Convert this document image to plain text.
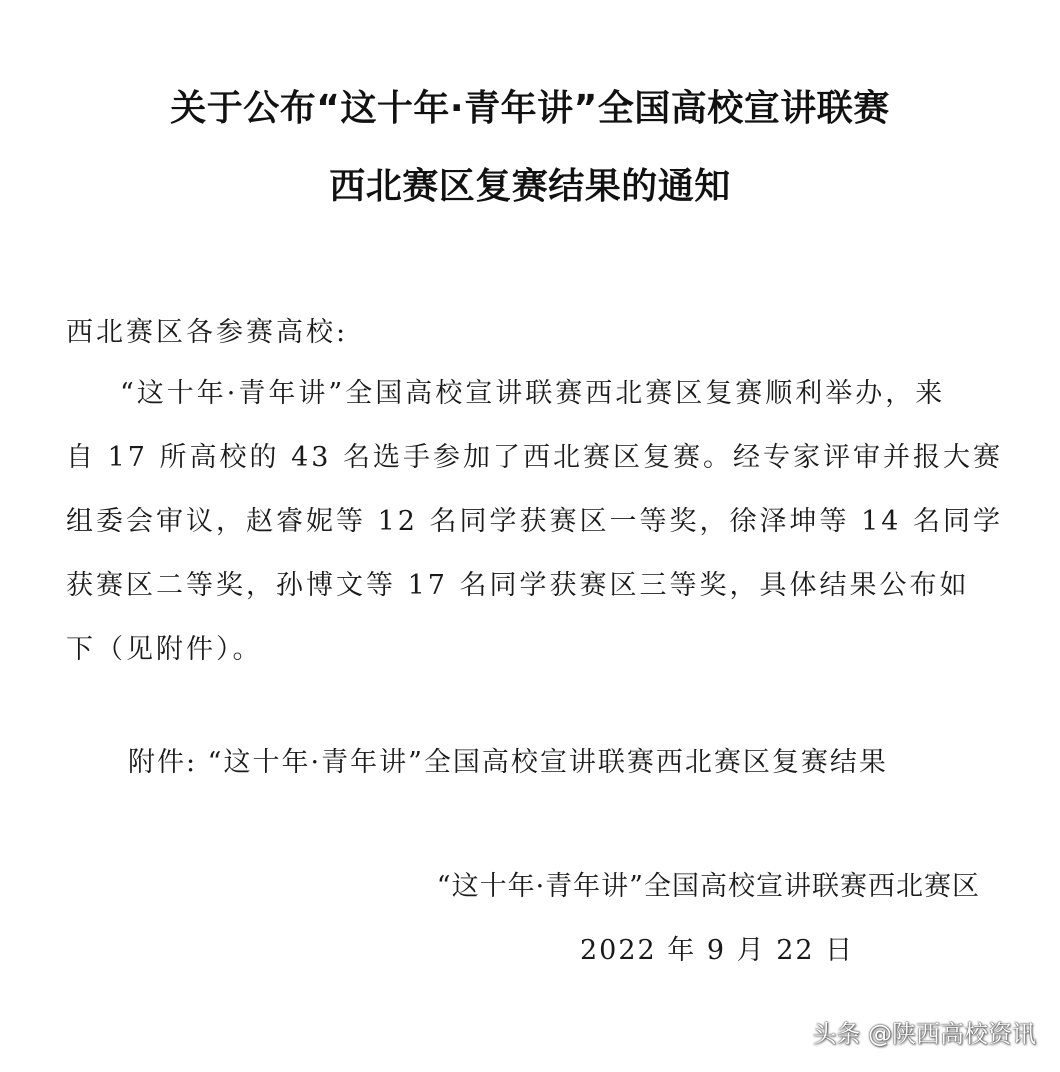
关于公布“这十年·青年讲”全国高校宣讲联赛
西北赛区复赛结果的通知
西北赛区各参赛高校:
“这十年·青年讲”全国高校宣讲联赛西北赛区复赛顺利举办，来
自 17 所高校的 43 名选手参加了西北赛区复赛。经专家评审并报大赛
组委会审议，赵睿妮等 12 名同学获赛区一等奖，徐泽坤等 14 名同学
获赛区二等奖，孙博文等 17 名同学获赛区三等奖，具体结果公布如
下（见附件）。
附件: “这十年·青年讲”全国高校宣讲联赛西北赛区复赛结果
“这十年·青年讲”全国高校宣讲联赛西北赛区
2022 年 9 月 22 日
头条 @陕西高校资讯
